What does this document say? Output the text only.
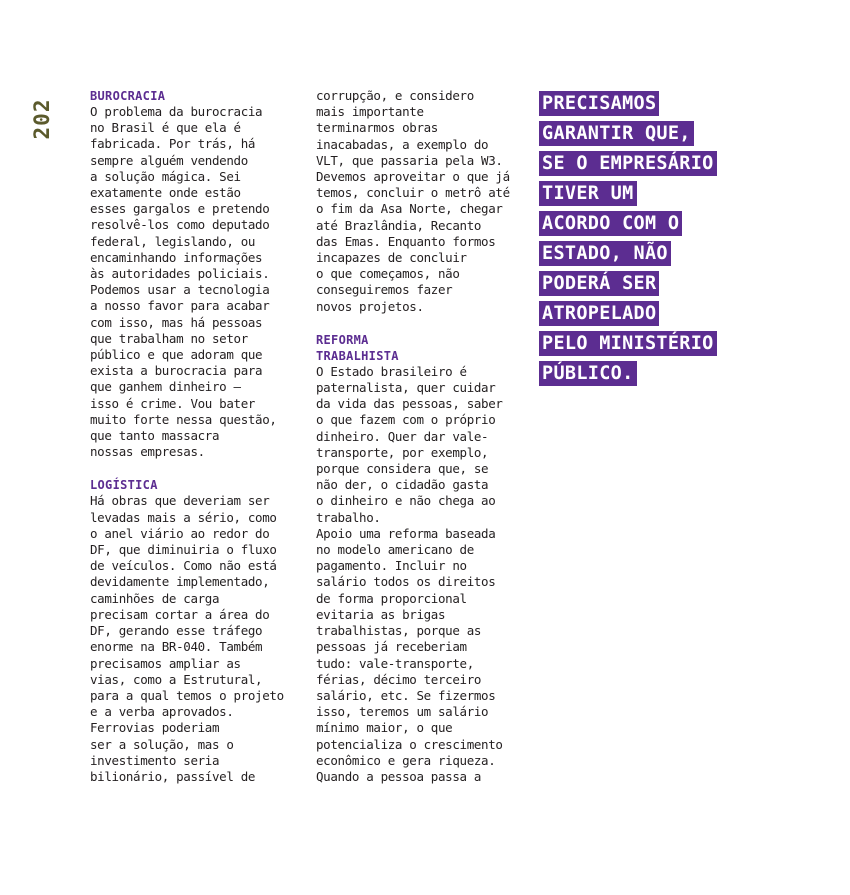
202
BUROCRACIA
O problema da burocracia
no Brasil é que ela é
fabricada. Por trás, há
sempre alguém vendendo
a solução mágica. Sei
exatamente onde estão
esses gargalos e pretendo
resolvê-los como deputado
federal, legislando, ou
encaminhando informações
às autoridades policiais.
Podemos usar a tecnologia
a nosso favor para acabar
com isso, mas há pessoas
que trabalham no setor
público e que adoram que
exista a burocracia para
que ganhem dinheiro —
isso é crime. Vou bater
muito forte nessa questão,
que tanto massacra
nossas empresas.
LOGÍSTICA
Há obras que deveriam ser
levadas mais a sério, como
o anel viário ao redor do
DF, que diminuiria o fluxo
de veículos. Como não está
devidamente implementado,
caminhões de carga
precisam cortar a área do
DF, gerando esse tráfego
enorme na BR-040. Também
precisamos ampliar as
vias, como a Estrutural,
para a qual temos o projeto
e a verba aprovados.
Ferrovias poderiam
ser a solução, mas o
investimento seria
bilionário, passível de
corrupção, e considero
mais importante
terminarmos obras
inacabadas, a exemplo do
VLT, que passaria pela W3.
Devemos aproveitar o que já
temos, concluir o metrô até
o fim da Asa Norte, chegar
até Brazlândia, Recanto
das Emas. Enquanto formos
incapazes de concluir
o que começamos, não
conseguiremos fazer
novos projetos.
REFORMA
TRABALHISTA
O Estado brasileiro é
paternalista, quer cuidar
da vida das pessoas, saber
o que fazem com o próprio
dinheiro. Quer dar vale-
transporte, por exemplo,
porque considera que, se
não der, o cidadão gasta
o dinheiro e não chega ao
trabalho.
Apoio uma reforma baseada
no modelo americano de
pagamento. Incluir no
salário todos os direitos
de forma proporcional
evitaria as brigas
trabalhistas, porque as
pessoas já receberiam
tudo: vale-transporte,
férias, décimo terceiro
salário, etc. Se fizermos
isso, teremos um salário
mínimo maior, o que
potencializa o crescimento
econômico e gera riqueza.
Quando a pessoa passa a
PRECISAMOS
GARANTIR QUE,
SE O EMPRESÁRIO
TIVER UM
ACORDO COM O
ESTADO, NÃO
PODERÁ SER
ATROPELADO
PELO MINISTÉRIO
PÚBLICO.
